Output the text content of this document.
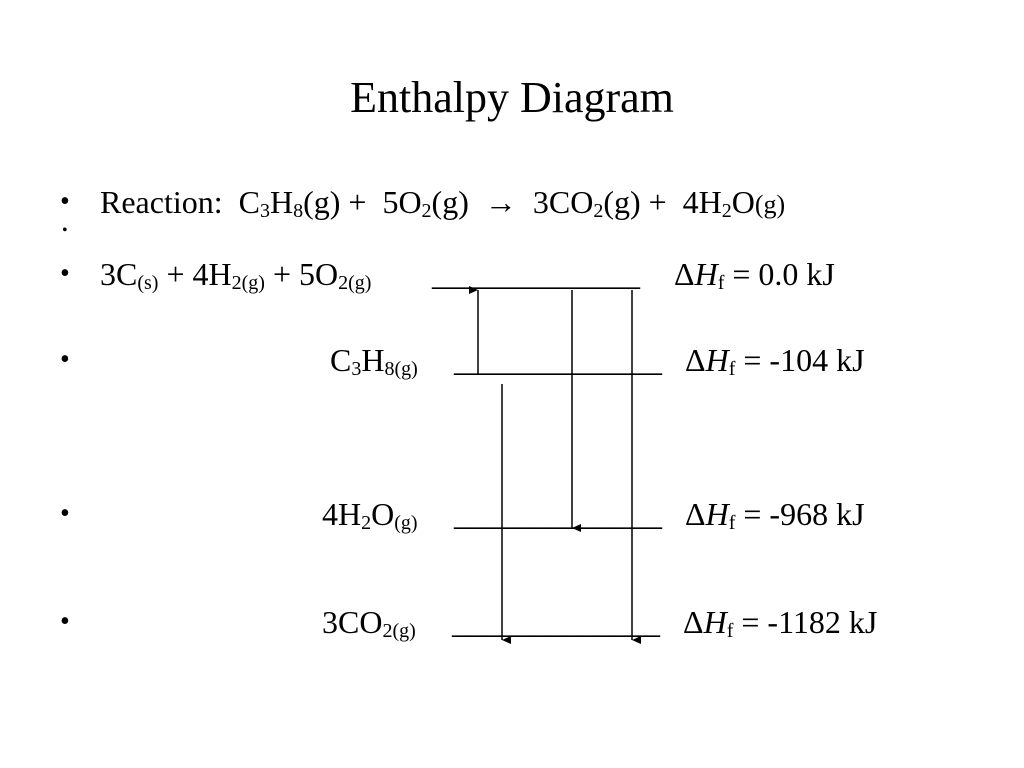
Enthalpy Diagram
•
•
•
•
•
•
Reaction: $C_3H_8(g) + 5O_2(g) \to 3CO_2(g) + 4H_2O(g)$
$3C_{(s)} + 4H_{2(g)} + 5O_{2(g)}$ _____________ $\Delta H_f = 0.0$ kJ
$C_3H_{8(g)}$ _____________ $\Delta H_f = -104$ kJ
$4H_2O_{(g)}$ _____________ $\Delta H_f = -968$ kJ
$3CO_{2(g)}$ _____________ $\Delta H_f = -1182$ kJ
